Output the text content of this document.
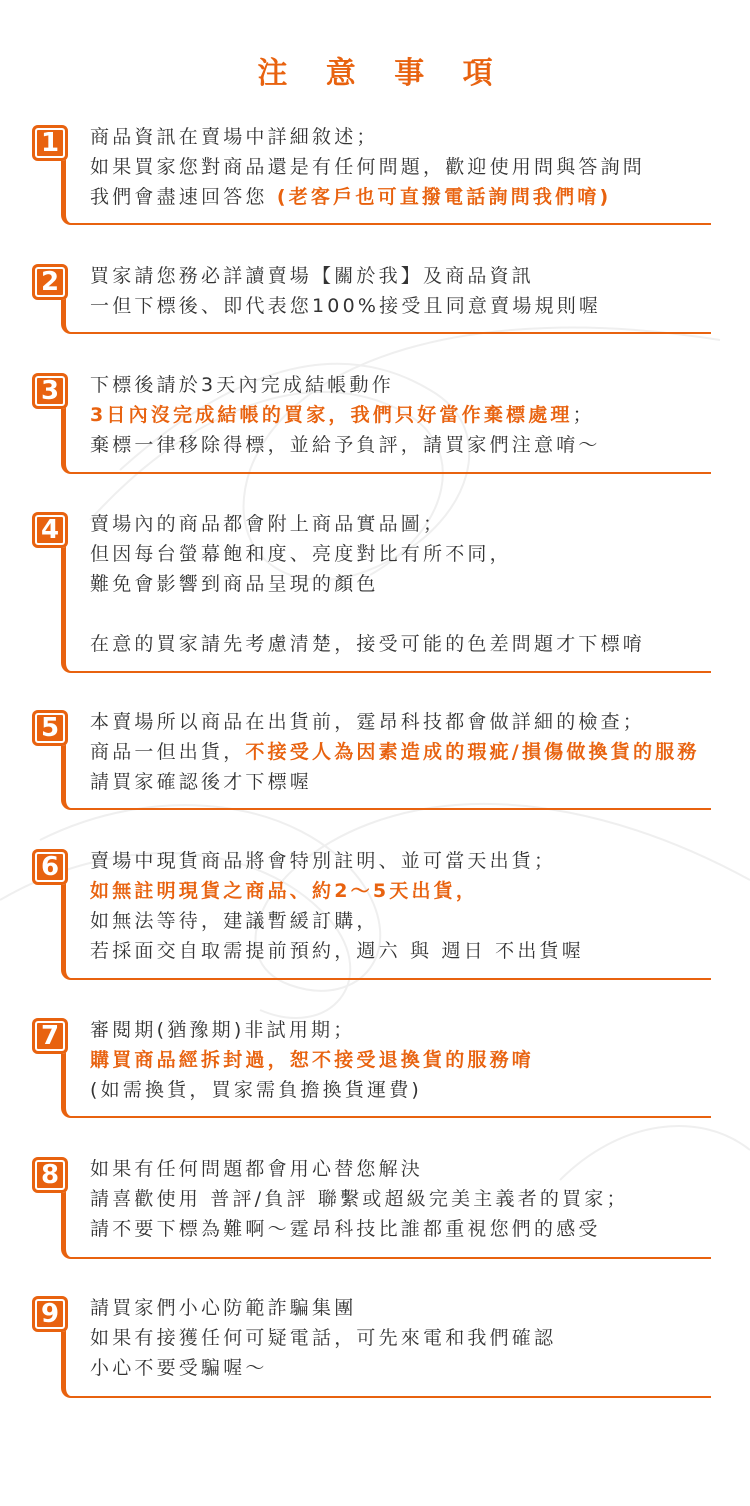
注 意 事 項
1	商品資訊在賣場中詳細敘述；
如果買家您對商品還是有任何問題，歡迎使用問與答詢問
我們會盡速回答您 (老客戶也可直撥電話詢問我們唷)
2	買家請您務必詳讀賣場【關於我】及商品資訊
一但下標後、即代表您100%接受且同意賣場規則喔
3	下標後請於3天內完成結帳動作
3日內沒完成結帳的買家，我們只好當作棄標處理；
棄標一律移除得標，並給予負評，請買家們注意唷～
4	賣場內的商品都會附上商品實品圖；
但因每台螢幕飽和度、亮度對比有所不同，
難免會影響到商品呈現的顏色
在意的買家請先考慮清楚，接受可能的色差問題才下標唷
5	本賣場所以商品在出貨前，霆昂科技都會做詳細的檢查；
商品一但出貨，不接受人為因素造成的瑕疵/損傷做換貨的服務
請買家確認後才下標喔
6	賣場中現貨商品將會特別註明、並可當天出貨；
如無註明現貨之商品、約2～5天出貨，
如無法等待，建議暫緩訂購，
若採面交自取需提前預約，週六 與 週日 不出貨喔
7	審閱期(猶豫期)非試用期；
購買商品經拆封過，恕不接受退換貨的服務唷
(如需換貨，買家需負擔換貨運費)
8	如果有任何問題都會用心替您解決
請喜歡使用 普評/負評 聯繫或超級完美主義者的買家；
請不要下標為難啊～霆昂科技比誰都重視您們的感受
9	請買家們小心防範詐騙集團
如果有接獲任何可疑電話，可先來電和我們確認
小心不要受騙喔～
